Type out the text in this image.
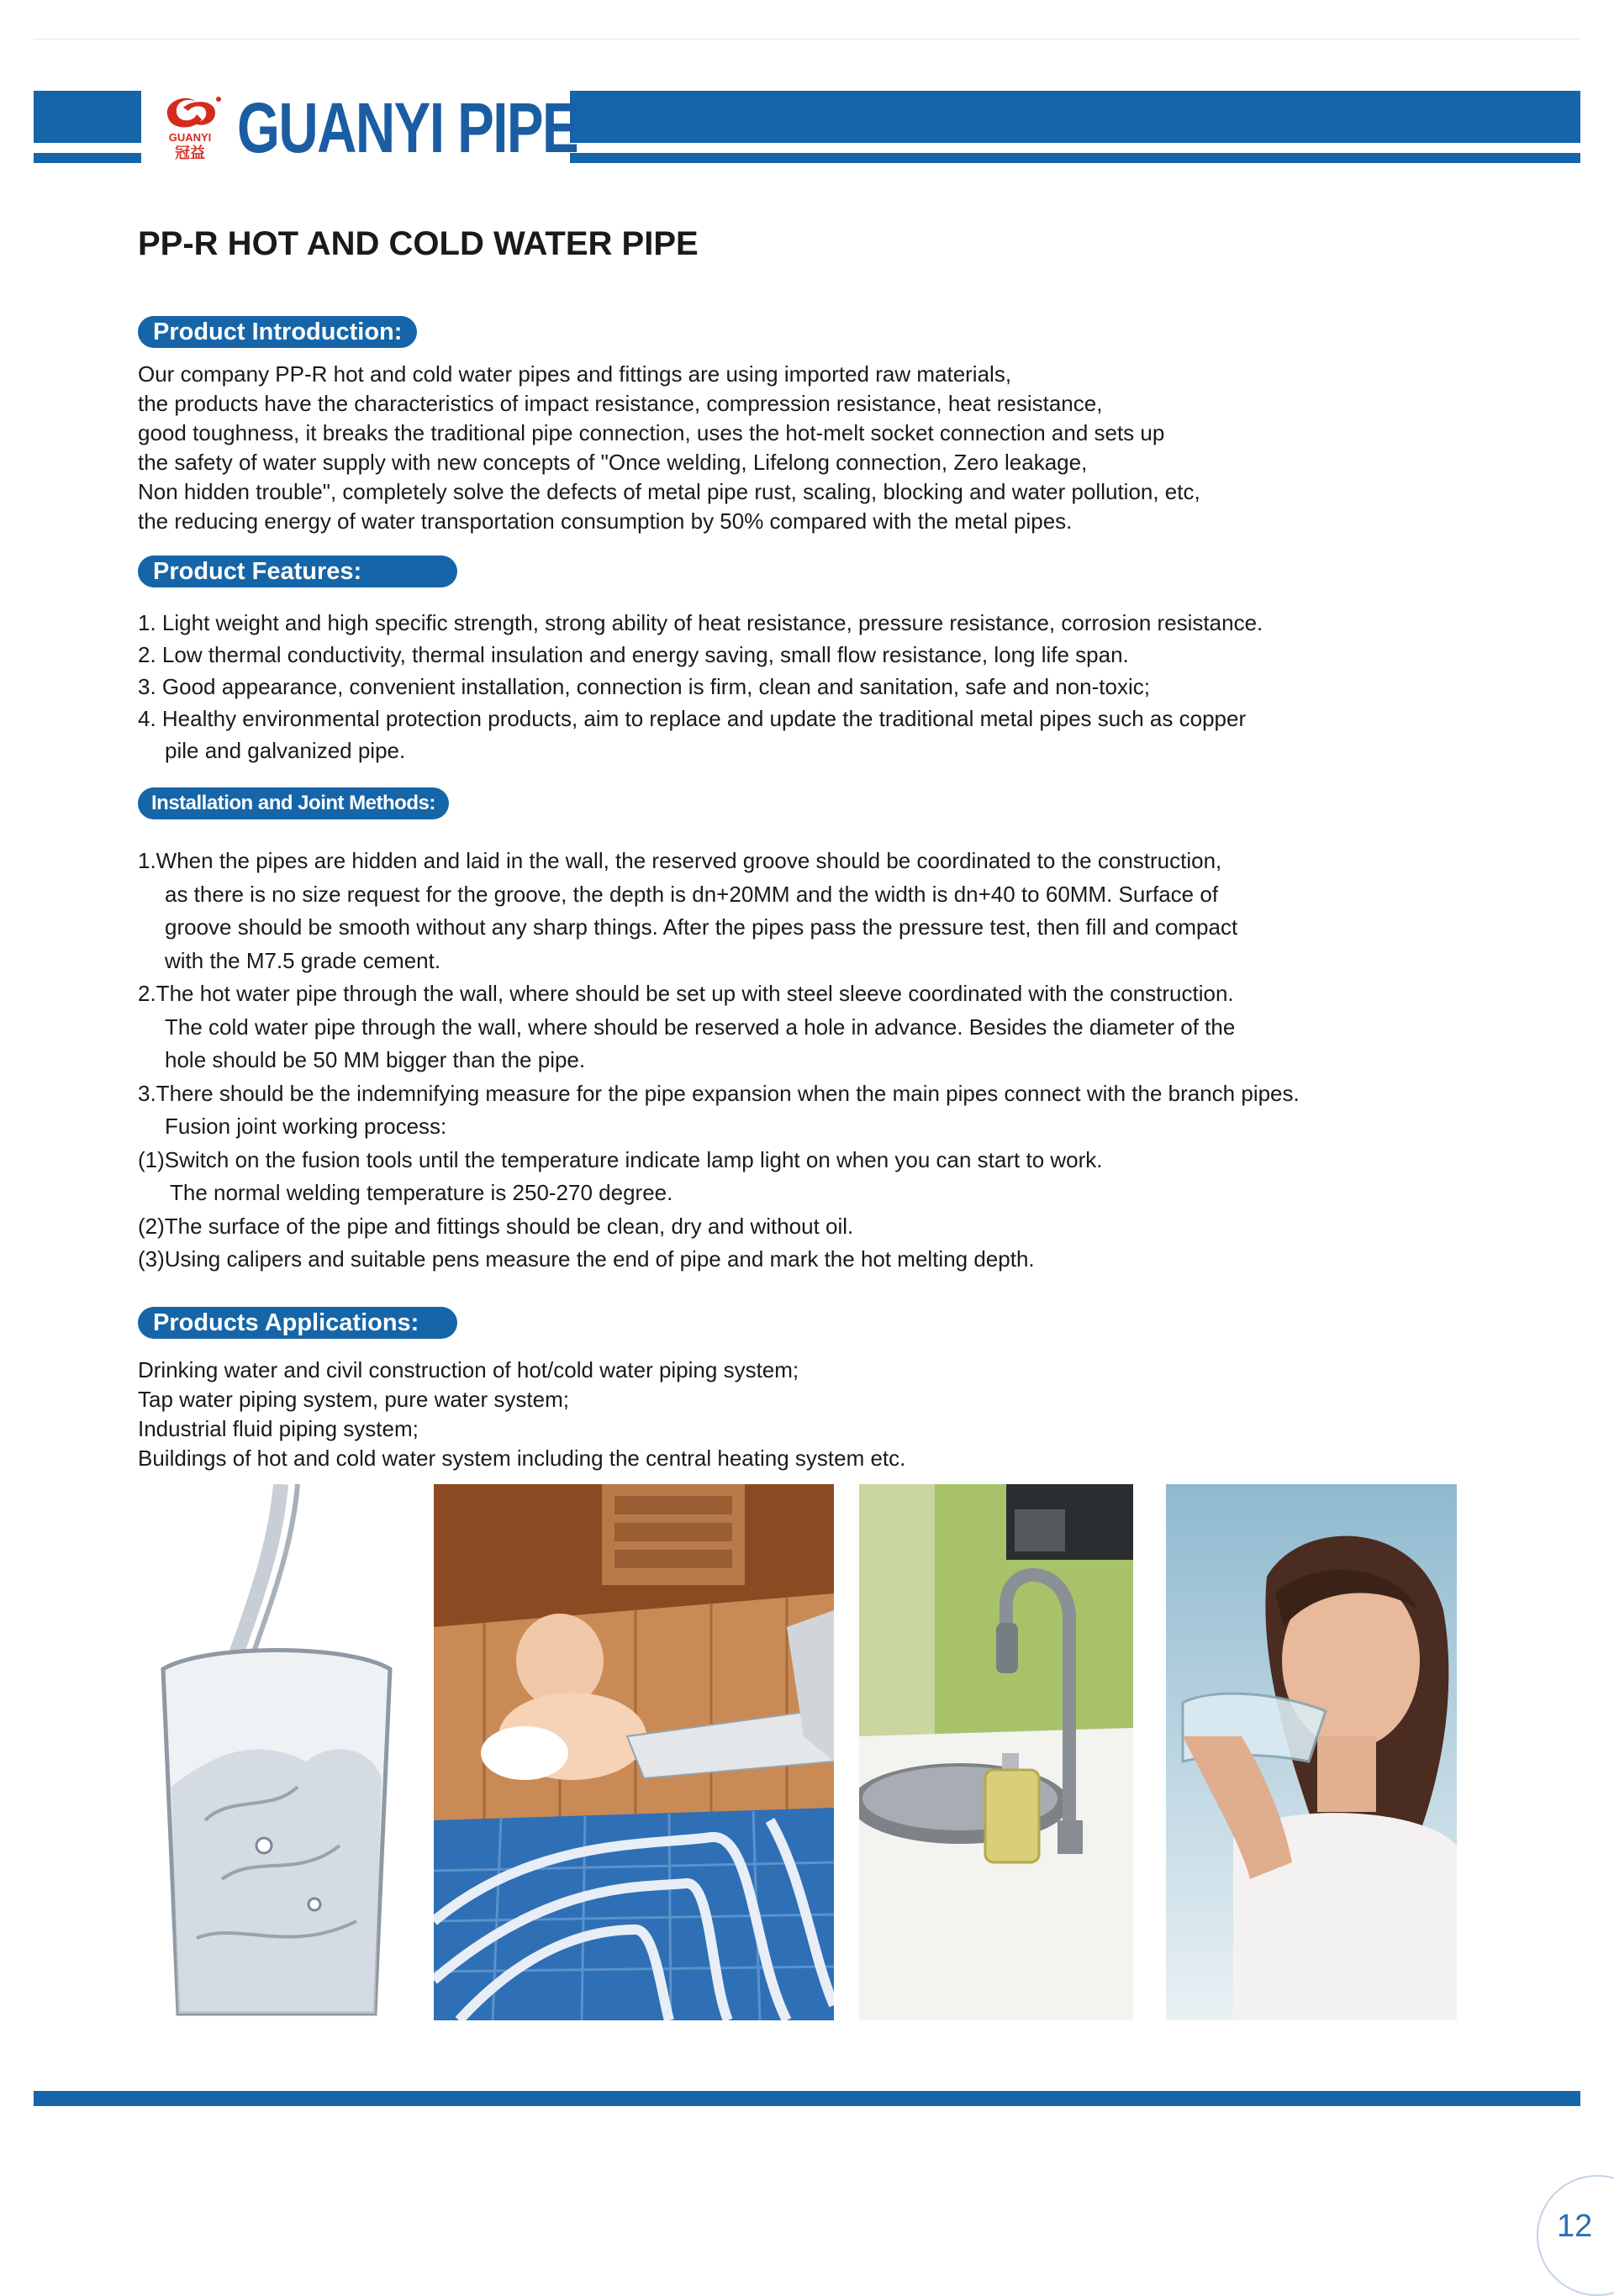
GUANYI
冠益 GUANYI PIPE
PP-R HOT AND COLD WATER PIPE
Product Introduction:

Our company PP-R hot and cold water pipes and fittings are using imported raw materials,

the products have the characteristics of impact resistance, compression resistance, heat resistance,

good toughness, it breaks the traditional pipe connection, uses the hot-melt socket connection and sets up

the safety of water supply with new concepts of "Once welding, Lifelong connection, Zero leakage,

Non hidden trouble", completely solve the defects of metal pipe rust, scaling, blocking and water pollution, etc,

the reducing energy of water transportation consumption by 50% compared with the metal pipes.

Product Features:

1. Light weight and high specific strength, strong ability of heat resistance, pressure resistance, corrosion resistance.

2. Low thermal conductivity, thermal insulation and energy saving, small flow resistance, long life span.

3. Good appearance, convenient installation, connection is firm, clean and sanitation, safe and non-toxic;

4. Healthy environmental protection products, aim to replace and update the traditional metal pipes such as copper

pile and galvanized pipe.

Installation and Joint Methods:

1.When the pipes are hidden and laid in the wall, the reserved groove should be coordinated to the construction,

as there is no size request for the groove, the depth is dn+20MM and the width is dn+40 to 60MM. Surface of

groove should be smooth without any sharp things. After the pipes pass the pressure test, then fill and compact

with the M7.5 grade cement.

2.The hot water pipe through the wall, where should be set up with steel sleeve coordinated with the construction.

The cold water pipe through the wall, where should be reserved a hole in advance. Besides the diameter of the

hole should be 50 MM bigger than the pipe.

3.There should be the indemnifying measure for the pipe expansion when the main pipes connect with the branch pipes.

Fusion joint working process:

(1)Switch on the fusion tools until the temperature indicate lamp light on when you can start to work.

The normal welding temperature is 250-270 degree.

(2)The surface of the pipe and fittings should be clean, dry and without oil.

(3)Using calipers and suitable pens measure the end of pipe and mark the hot melting depth.

Products Applications:

Drinking water and civil construction of hot/cold water piping system;

Tap water piping system, pure water system;

Industrial fluid piping system;

Buildings of hot and cold water system including the central heating system etc.

12
